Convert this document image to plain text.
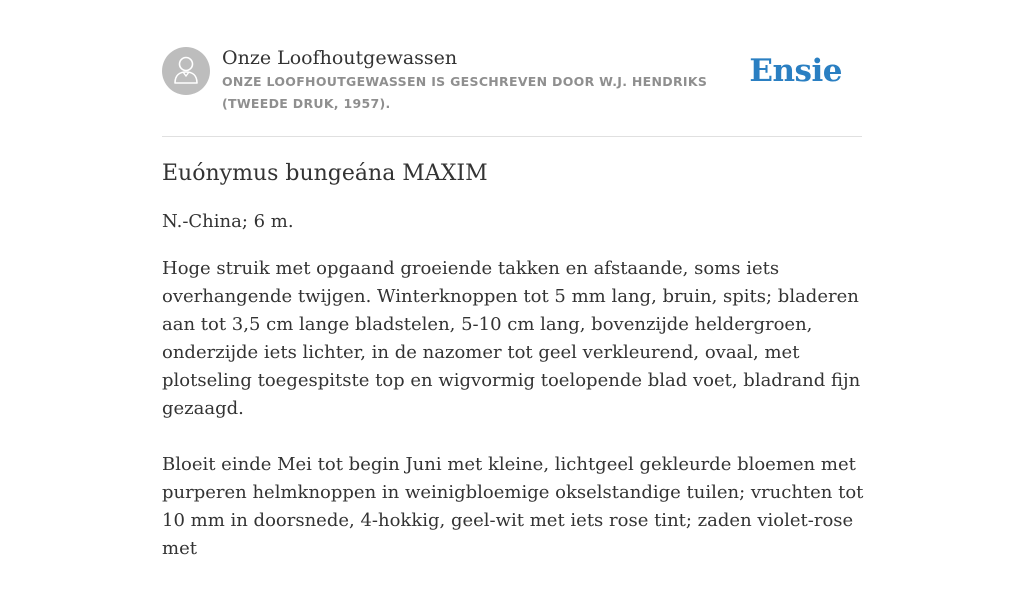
Onze Loofhoutgewassen

ONZE LOOFHOUTGEWASSEN IS GESCHREVEN DOOR W.J. HENDRIKS (TWEEDE DRUK, 1957).

Ensie
Euónymus bungeána MAXIM

N.-China; 6 m.

Hoge struik met opgaand groeiende takken en afstaande, soms iets overhangende twijgen. Winterknoppen tot 5 mm lang, bruin, spits; bladeren aan tot 3,5 cm lange bladstelen, 5-10 cm lang, bovenzijde heldergroen, onderzijde iets lichter, in de nazomer tot geel verkleurend, ovaal, met plotseling toegespitste top en wigvormig toelopende blad voet, bladrand fijn gezaagd.

Bloeit einde Mei tot begin Juni met kleine, lichtgeel gekleurde bloemen met purperen helmknoppen in weinigbloemige okselstandige tuilen; vruchten tot 10 mm in doorsnede, 4-hokkig, geel-wit met iets rose tint; zaden violet-rose met
